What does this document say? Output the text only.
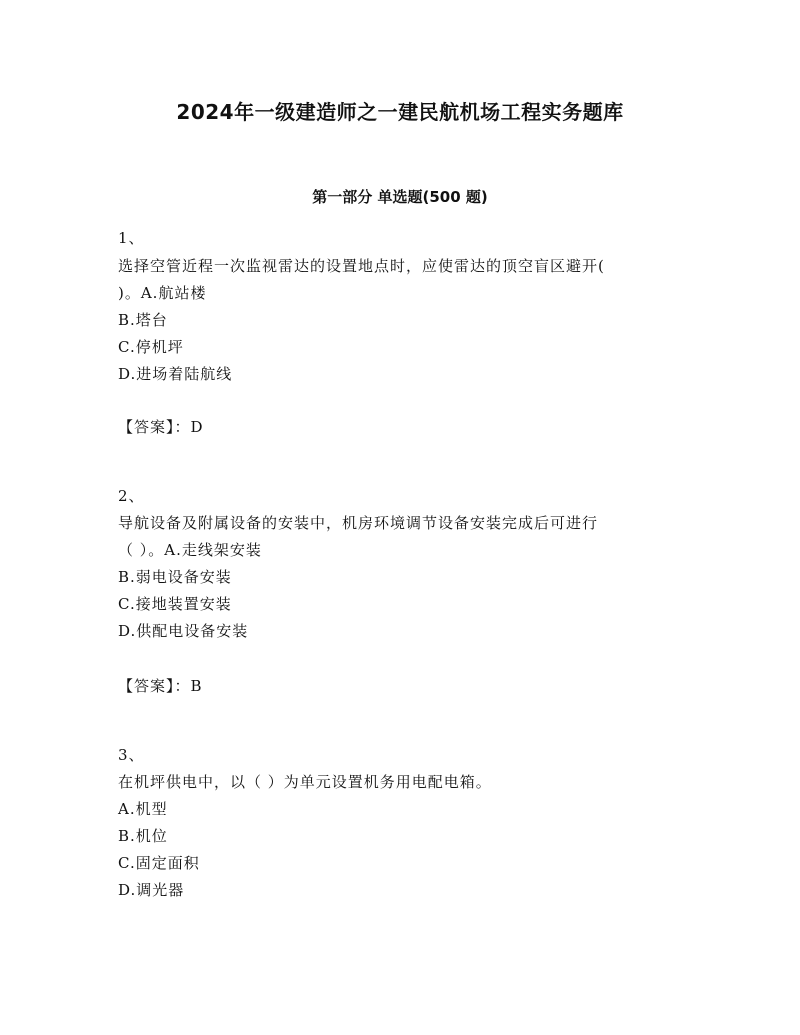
2024年一级建造师之一建民航机场工程实务题库
第一部分 单选题(500 题)
1、
选择空管近程一次监视雷达的设置地点时，应使雷达的顶空盲区避开(
)。A.航站楼
B.塔台
C.停机坪
D.进场着陆航线
【答案】：D
2、
导航设备及附属设备的安装中，机房环境调节设备安装完成后可进行
（ ）。A.走线架安装
B.弱电设备安装
C.接地装置安装
D.供配电设备安装
【答案】：B
3、
在机坪供电中，以（ ）为单元设置机务用电配电箱。
A.机型
B.机位
C.固定面积
D.调光器
